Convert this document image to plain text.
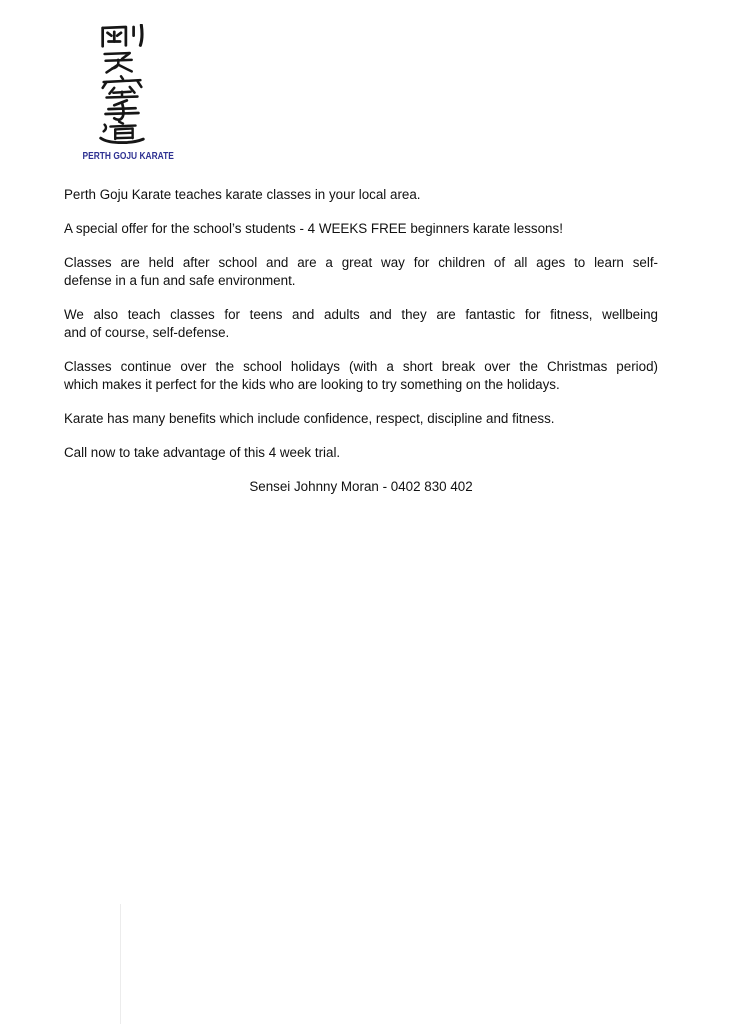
PERTH GOJU KARATE
Perth Goju Karate teaches karate classes in your local area.
A special offer for the school’s students - 4 WEEKS FREE beginners karate lessons!
Classes are held after school and are a great way for children of all ages to learn self-
defense in a fun and safe environment.
We also teach classes for teens and adults and they are fantastic for fitness, wellbeing
and of course, self-defense.
Classes continue over the school holidays (with a short break over the Christmas period)
which makes it perfect for the kids who are looking to try something on the holidays.
Karate has many benefits which include confidence, respect, discipline and fitness.
Call now to take advantage of this 4 week trial.
Sensei Johnny Moran - 0402 830 402
